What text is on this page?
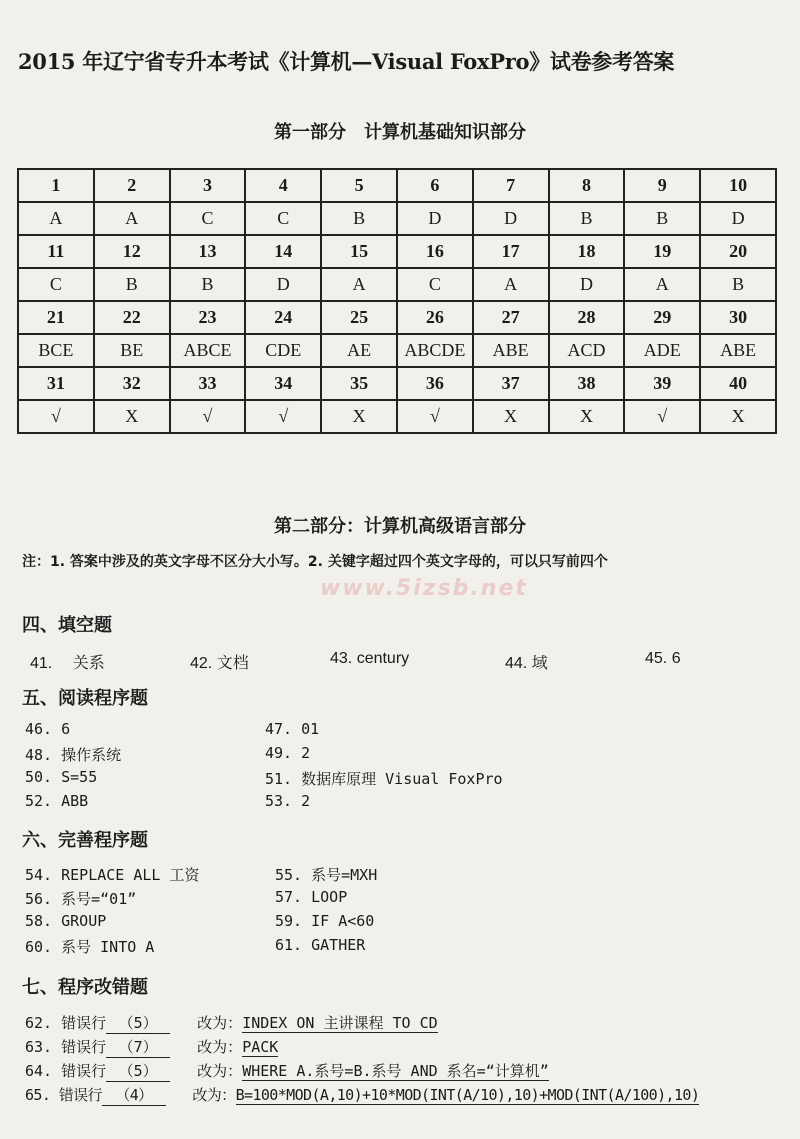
2015 年辽宁省专升本考试《计算机—Visual FoxPro》试卷参考答案
第一部分　计算机基础知识部分
1	2	3	4	5	6	7	8	9	10
A	A	C	C	B	D	D	B	B	D
11	12	13	14	15	16	17	18	19	20
C	B	B	D	A	C	A	D	A	B
21	22	23	24	25	26	27	28	29	30
BCE	BE	ABCE	CDE	AE	ABCDE	ABE	ACD	ADE	ABE
31	32	33	34	35	36	37	38	39	40
√	X	√	√	X	√	X	X	√	X
第二部分：计算机高级语言部分
注：1. 答案中涉及的英文字母不区分大小写。2. 关键字超过四个英文字母的，可以只写前四个
www.5izsb.net
四、填空题
41.　 关系	42. 文档	43. century	44. 域	45. 6
五、阅读程序题
46. 6	47. 01
48. 操作系统	49. 2
50. S=55	51. 数据库原理 Visual FoxPro
52. ABB	53. 2
六、完善程序题
54. REPLACE ALL 工资	55. 系号=MXH
56. 系号=“01”	57. LOOP
58. GROUP	59. IF A<60
60. 系号 INTO A	61. GATHER
七、程序改错题
62. 错误行 （5）	改为：INDEX ON 主讲课程 TO CD
63. 错误行 （7）	改为：PACK
64. 错误行 （5）	改为：WHERE A.系号=B.系号 AND 系名=“计算机”
65. 错误行 （4）	改为：B=100*MOD(A,10)+10*MOD(INT(A/10),10)+MOD(INT(A/100),10)
